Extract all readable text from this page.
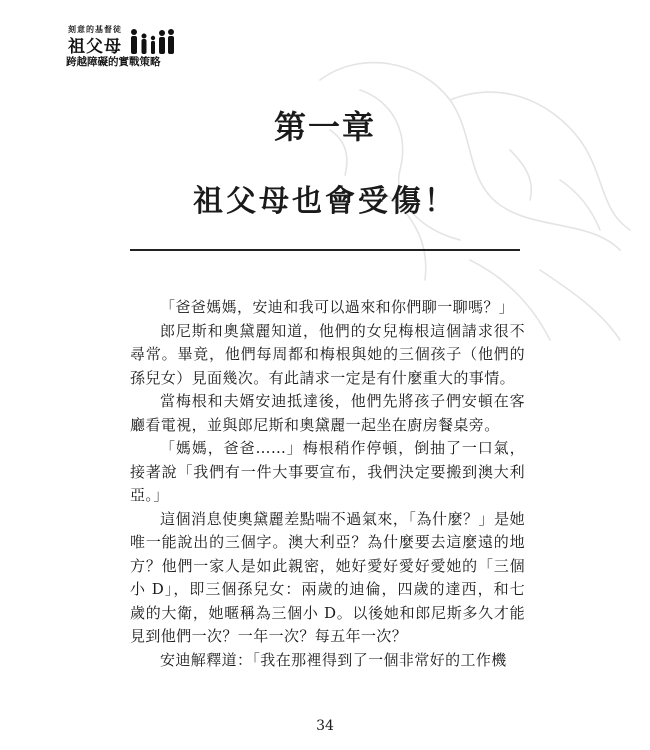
刻意的基督徒
祖父母
跨越障礙的實戰策略
第一章
祖父母也會受傷！

「爸爸媽媽，安迪和我可以過來和你們聊一聊嗎？」

郎尼斯和奧黛麗知道，他們的女兒梅根這個請求很不尋常。畢竟，他們每周都和梅根與她的三個孩子（他們的孫兒女）見面幾次。有此請求一定是有什麼重大的事情。

當梅根和夫婿安迪抵達後，他們先將孩子們安頓在客廳看電視，並與郎尼斯和奧黛麗一起坐在廚房餐桌旁。

「媽媽，爸爸……」梅根稍作停頓，倒抽了一口氣，接著說「我們有一件大事要宣布，我們決定要搬到澳大利亞。」

這個消息使奧黛麗差點喘不過氣來，「為什麼？」是她唯一能說出的三個字。澳大利亞？為什麼要去這麼遠的地方？他們一家人是如此親密，她好愛好愛好愛她的「三個小 D」，即三個孫兒女：兩歲的迪倫，四歲的達西，和七歲的大衛，她暱稱為三個小 D。以後她和郎尼斯多久才能見到他們一次？一年一次？每五年一次？

安迪解釋道：「我在那裡得到了一個非常好的工作機

34
